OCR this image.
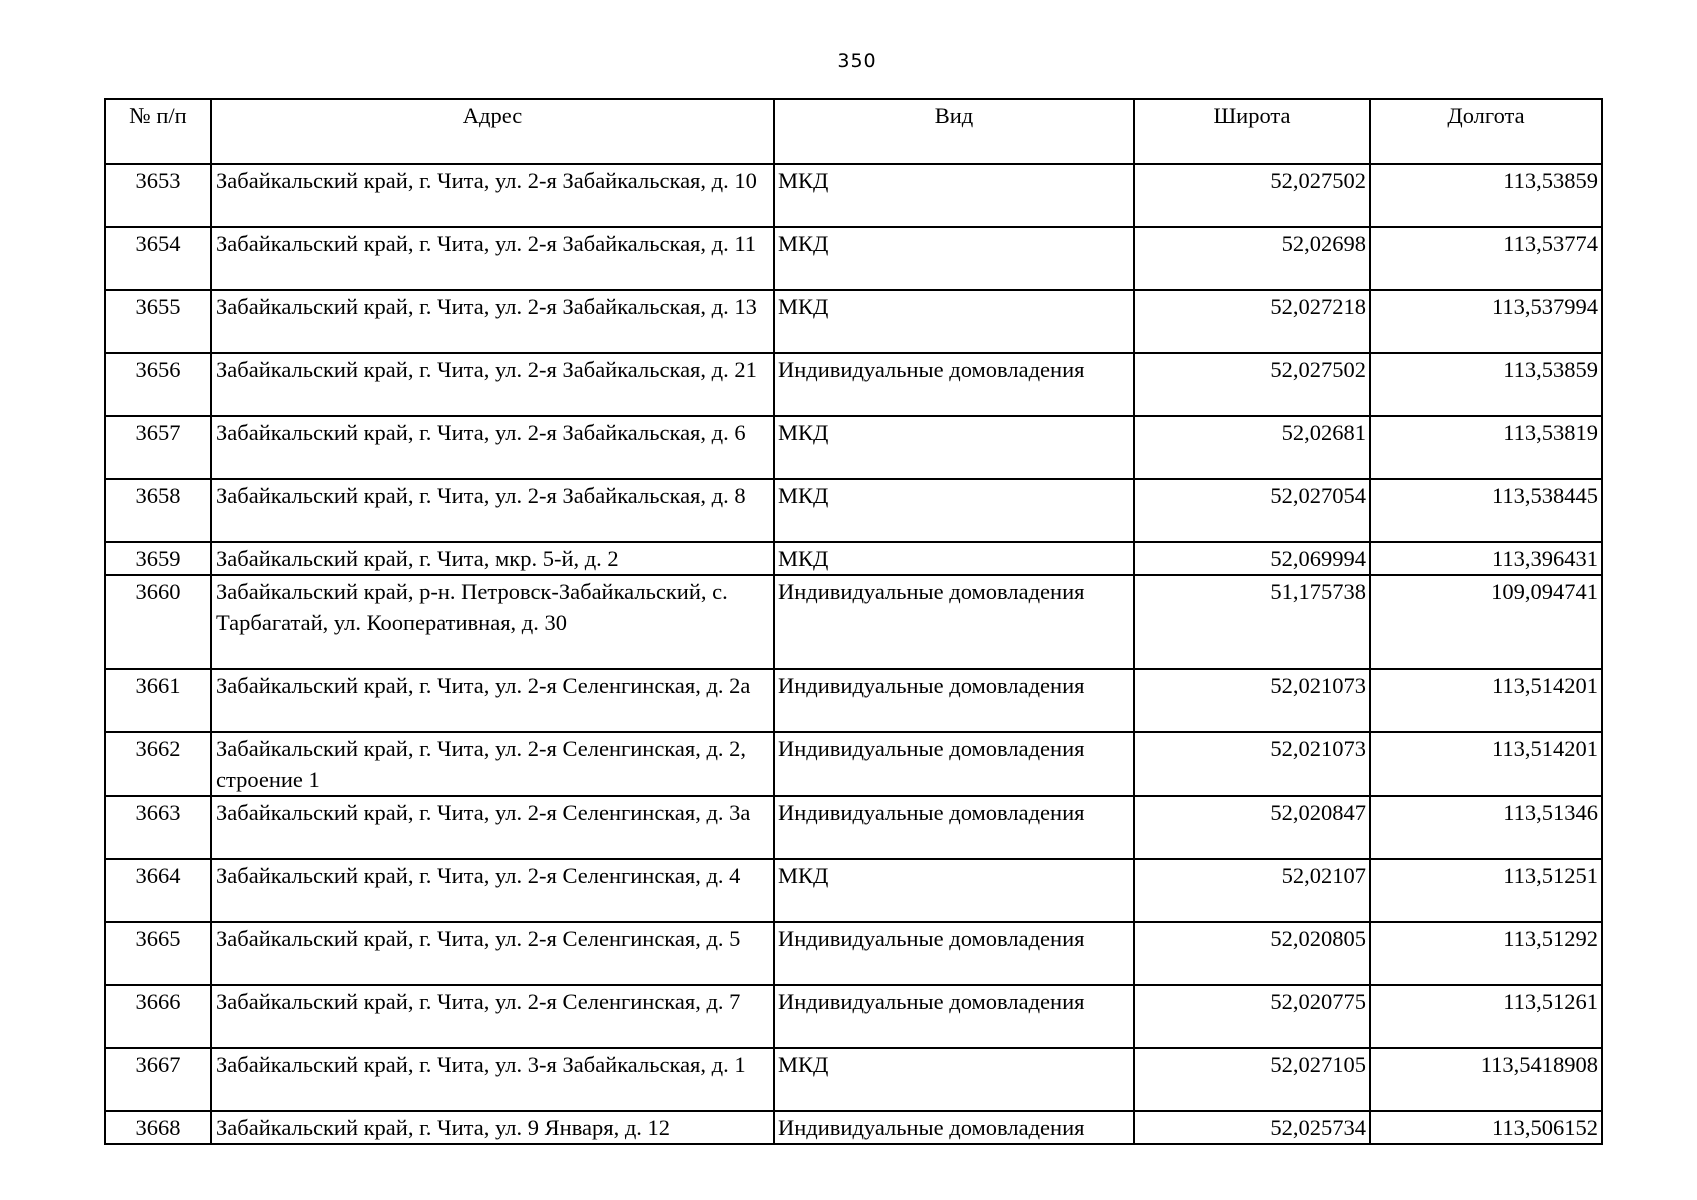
350
№ п/п	Адрес	Вид	Широта	Долгота
3653	Забайкальский край, г. Чита, ул. 2-я Забайкальская, д. 10	МКД	52,027502	113,53859
3654	Забайкальский край, г. Чита, ул. 2-я Забайкальская, д. 11	МКД	52,02698	113,53774
3655	Забайкальский край, г. Чита, ул. 2-я Забайкальская, д. 13	МКД	52,027218	113,537994
3656	Забайкальский край, г. Чита, ул. 2-я Забайкальская, д. 21	Индивидуальные домовладения	52,027502	113,53859
3657	Забайкальский край, г. Чита, ул. 2-я Забайкальская, д. 6	МКД	52,02681	113,53819
3658	Забайкальский край, г. Чита, ул. 2-я Забайкальская, д. 8	МКД	52,027054	113,538445
3659	Забайкальский край, г. Чита, мкр. 5-й, д. 2	МКД	52,069994	113,396431
3660	Забайкальский край, р-н. Петровск-Забайкальский, с. Тарбагатай, ул. Кооперативная, д. 30	Индивидуальные домовладения	51,175738	109,094741
3661	Забайкальский край, г. Чита, ул. 2-я Селенгинская, д. 2а	Индивидуальные домовладения	52,021073	113,514201
3662	Забайкальский край, г. Чита, ул. 2-я Селенгинская, д. 2, строение 1	Индивидуальные домовладения	52,021073	113,514201
3663	Забайкальский край, г. Чита, ул. 2-я Селенгинская, д. 3а	Индивидуальные домовладения	52,020847	113,51346
3664	Забайкальский край, г. Чита, ул. 2-я Селенгинская, д. 4	МКД	52,02107	113,51251
3665	Забайкальский край, г. Чита, ул. 2-я Селенгинская, д. 5	Индивидуальные домовладения	52,020805	113,51292
3666	Забайкальский край, г. Чита, ул. 2-я Селенгинская, д. 7	Индивидуальные домовладения	52,020775	113,51261
3667	Забайкальский край, г. Чита, ул. 3-я Забайкальская, д. 1	МКД	52,027105	113,5418908
3668	Забайкальский край, г. Чита, ул. 9 Января, д. 12	Индивидуальные домовладения	52,025734	113,506152
